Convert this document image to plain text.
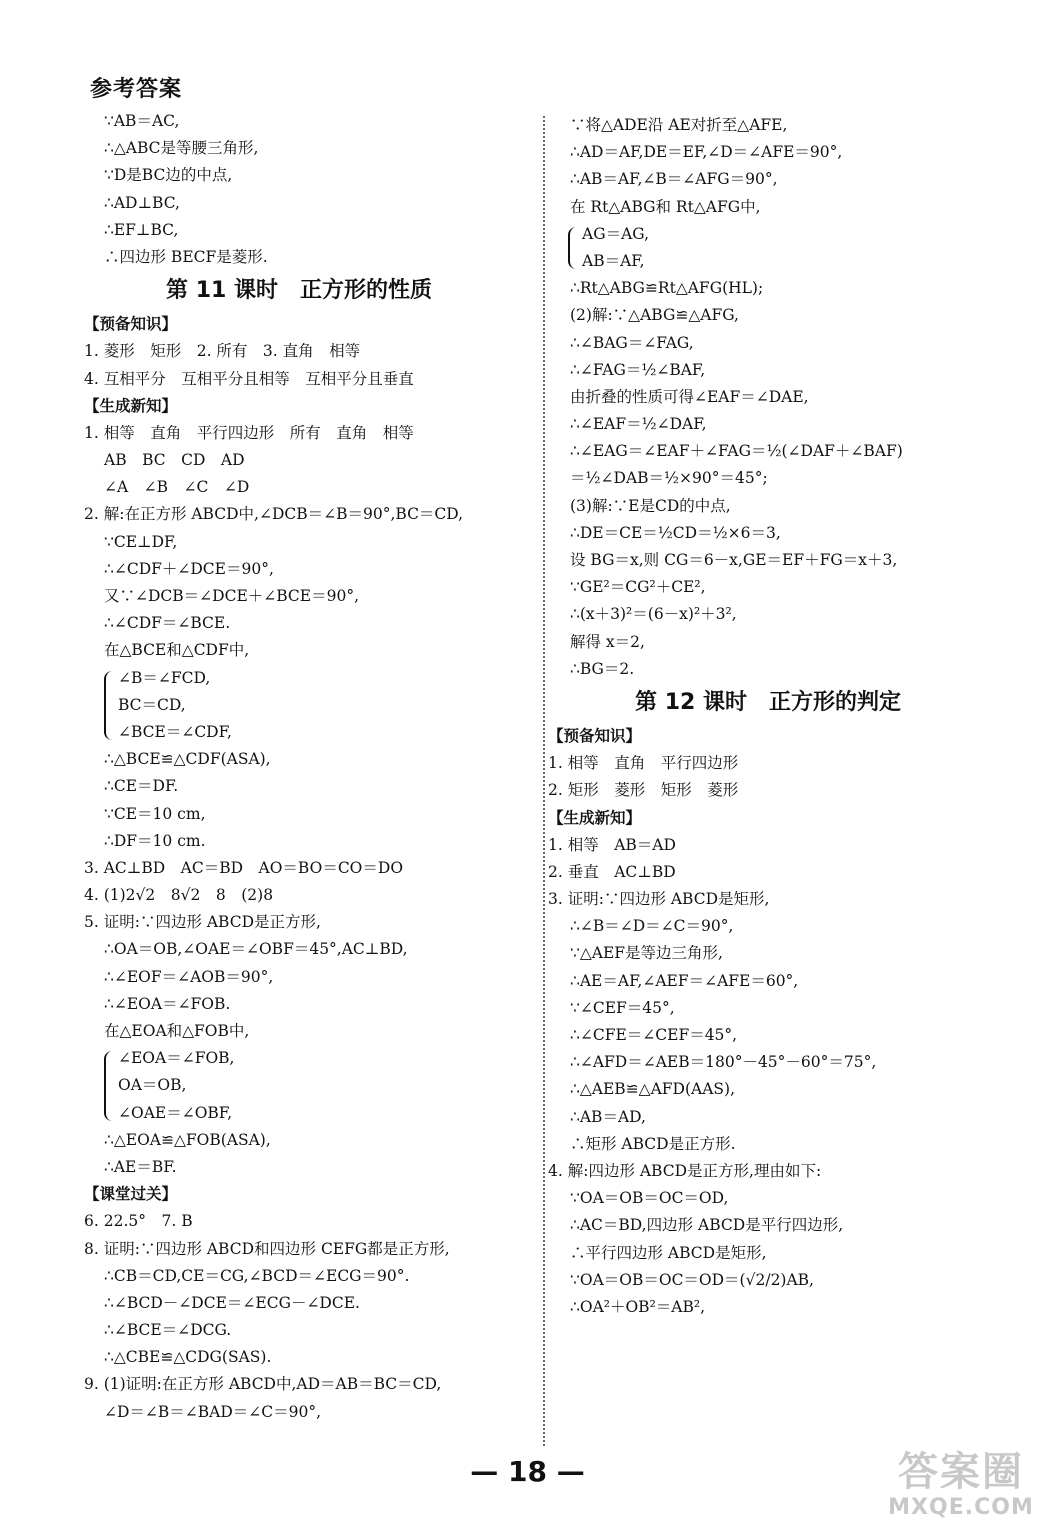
参考答案
∵AB＝AC,
∴△ABC是等腰三角形,
∵D是BC边的中点,
∴AD⊥BC,
∴EF⊥BC,
∴四边形 BECF是菱形.
第 11 课时　正方形的性质
【预备知识】
1. 菱形　矩形　2. 所有　3. 直角　相等
4. 互相平分　互相平分且相等　互相平分且垂直
【生成新知】
1. 相等　直角　平行四边形　所有　直角　相等
AB　BC　CD　AD
∠A　∠B　∠C　∠D
2. 解:在正方形 ABCD中,∠DCB＝∠B＝90°,BC＝CD,
∵CE⊥DF,
∴∠CDF＋∠DCE＝90°,
又∵∠DCB＝∠DCE＋∠BCE＝90°,
∴∠CDF＝∠BCE.
在△BCE和△CDF中,
∠B＝∠FCD,
BC＝CD,
∠BCE＝∠CDF,
∴△BCE≌△CDF(ASA),
∴CE＝DF.
∵CE＝10 cm,
∴DF＝10 cm.
3. AC⊥BD　AC＝BD　AO＝BO＝CO＝DO
4. (1)2√2　8√2　8　(2)8
5. 证明:∵四边形 ABCD是正方形,
∴OA＝OB,∠OAE＝∠OBF＝45°,AC⊥BD,
∴∠EOF＝∠AOB＝90°,
∴∠EOA＝∠FOB.
在△EOA和△FOB中,
∠EOA＝∠FOB,
OA＝OB,
∠OAE＝∠OBF,
∴△EOA≌△FOB(ASA),
∴AE＝BF.
【课堂过关】
6. 22.5°　7. B
8. 证明:∵四边形 ABCD和四边形 CEFG都是正方形,
∴CB＝CD,CE＝CG,∠BCD＝∠ECG＝90°.
∴∠BCD－∠DCE＝∠ECG－∠DCE.
∴∠BCE＝∠DCG.
∴△CBE≌△CDG(SAS).
9. (1)证明:在正方形 ABCD中,AD＝AB＝BC＝CD,
∠D＝∠B＝∠BAD＝∠C＝90°,
∵将△ADE沿 AE对折至△AFE,
∴AD＝AF,DE＝EF,∠D＝∠AFE＝90°,
∴AB＝AF,∠B＝∠AFG＝90°,
在 Rt△ABG和 Rt△AFG中,
AG＝AG,
AB＝AF,
∴Rt△ABG≌Rt△AFG(HL);
(2)解:∵△ABG≌△AFG,
∴∠BAG＝∠FAG,
∴∠FAG＝½∠BAF,
由折叠的性质可得∠EAF＝∠DAE,
∴∠EAF＝½∠DAF,
∴∠EAG＝∠EAF＋∠FAG＝½(∠DAF＋∠BAF)
＝½∠DAB＝½×90°＝45°;
(3)解:∵E是CD的中点,
∴DE＝CE＝½CD＝½×6＝3,
设 BG＝x,则 CG＝6－x,GE＝EF＋FG＝x＋3,
∵GE²＝CG²＋CE²,
∴(x＋3)²＝(6－x)²＋3²,
解得 x＝2,
∴BG＝2.
第 12 课时　正方形的判定
【预备知识】
1. 相等　直角　平行四边形
2. 矩形　菱形　矩形　菱形
【生成新知】
1. 相等　AB＝AD
2. 垂直　AC⊥BD
3. 证明:∵四边形 ABCD是矩形,
∴∠B＝∠D＝∠C＝90°,
∵△AEF是等边三角形,
∴AE＝AF,∠AEF＝∠AFE＝60°,
∵∠CEF＝45°,
∴∠CFE＝∠CEF＝45°,
∴∠AFD＝∠AEB＝180°－45°－60°＝75°,
∴△AEB≌△AFD(AAS),
∴AB＝AD,
∴矩形 ABCD是正方形.
4. 解:四边形 ABCD是正方形,理由如下:
∵OA＝OB＝OC＝OD,
∴AC＝BD,四边形 ABCD是平行四边形,
∴平行四边形 ABCD是矩形,
∵OA＝OB＝OC＝OD＝(√2/2)AB,
∴OA²＋OB²＝AB²,
— 18 —	答案圈
MXQE.COM
